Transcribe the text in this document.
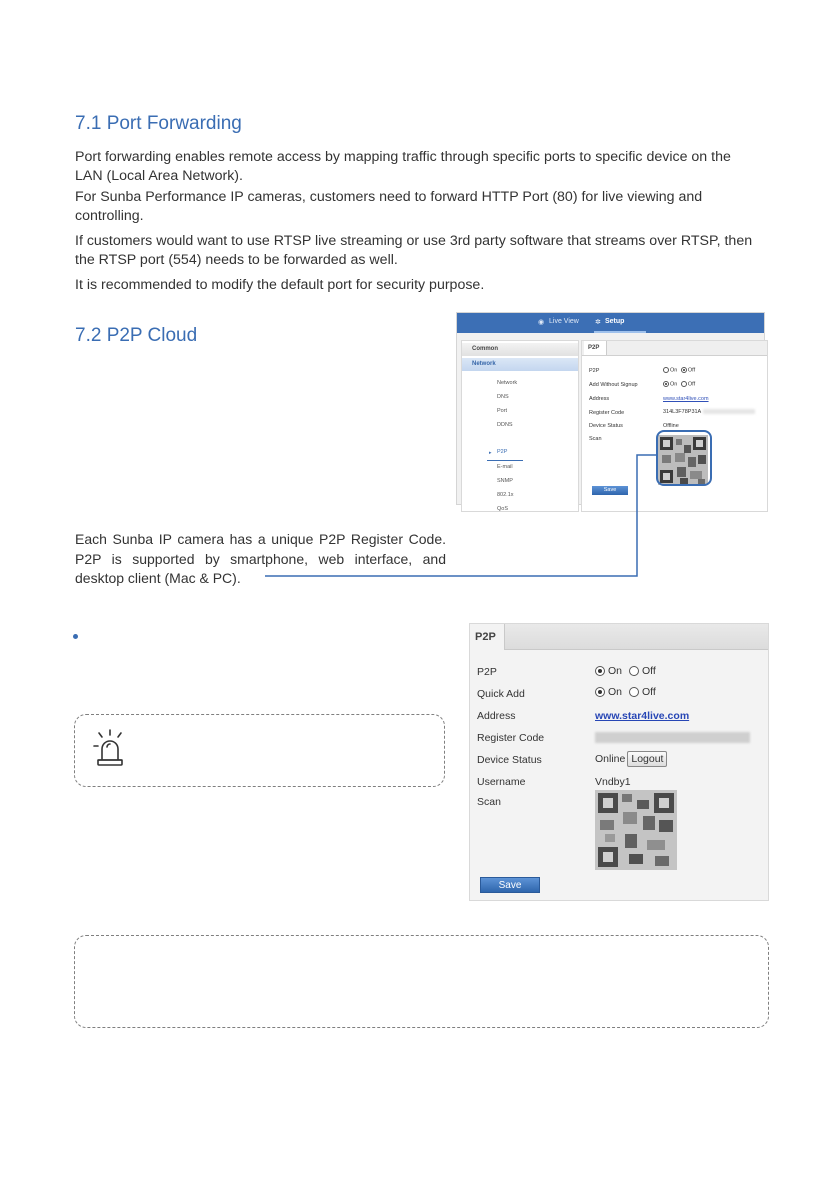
7.1 Port Forwarding
Port forwarding enables remote access by mapping traffic through specific ports to specific device on the LAN (Local Area Network).
For Sunba Performance IP cameras, customers need to forward HTTP Port (80) for live viewing and controlling.
If customers would want to use RTSP live streaming or use 3rd party software that streams over RTSP, then the RTSP port (554) needs to be forwarded as well.
It is recommended to modify the default port for security purpose.
7.2 P2P Cloud
◉ Live View ✲ Setup
Common
Network
Network
DNS
Port
DDNS
▸ P2P
E-mail
SNMP
802.1x
QoS
P2P
P2P	On Off
Add Without Signup	On Off
Address	www.star4live.com
Register Code	314L3F78P31A
Device Status	Offline
Scan
Save
Each Sunba IP camera has a unique P2P Register Code. P2P is supported by smartphone, web interface, and desktop client (Mac & PC).
P2P
P2P	On Off
Quick Add	On Off
Address	www.star4live.com
Register Code
Device Status	Online Logout
Username	Vndby1
Scan
Save
